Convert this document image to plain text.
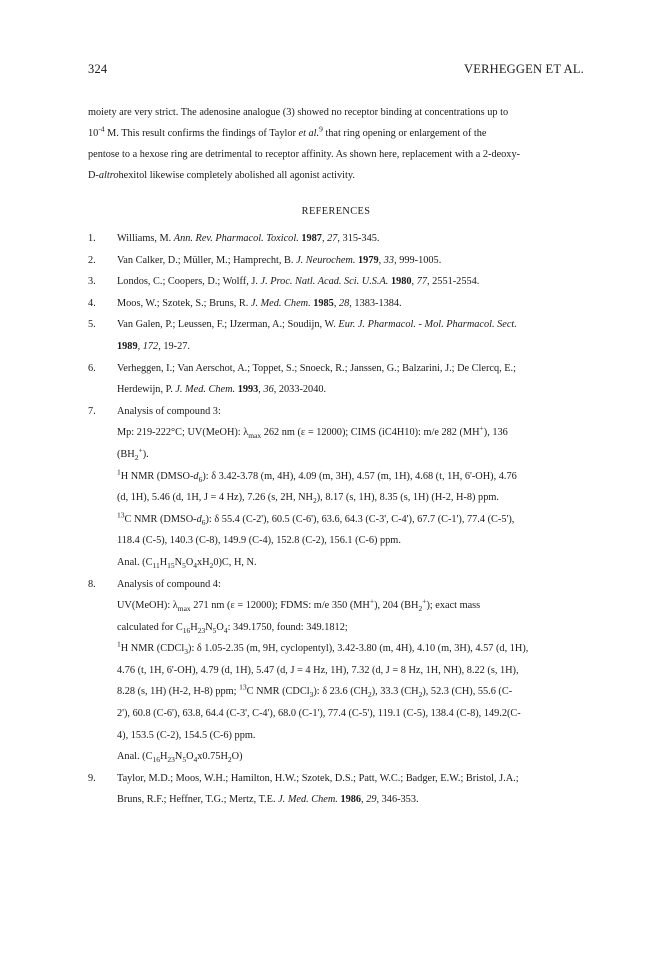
324	VERHEGGEN ET AL.
moiety are very strict. The adenosine analogue (3) showed no receptor binding at concentrations up to
$10^{-4}$ M. This result confirms the findings of Taylor et al.$^9$ that ring opening or enlargement of the
pentose to a hexose ring are detrimental to receptor affinity. As shown here, replacement with a 2-deoxy-
D-altrohexitol likewise completely abolished all agonist activity.
REFERENCES
1.	Williams, M. Ann. Rev. Pharmacol. Toxicol. 1987, 27, 315-345.
2.	Van Calker, D.; Müller, M.; Hamprecht, B. J. Neurochem. 1979, 33, 999-1005.
3.	Londos, C.; Coopers, D.; Wolff, J. J. Proc. Natl. Acad. Sci. U.S.A. 1980, 77, 2551-2554.
4.	Moos, W.; Szotek, S.; Bruns, R. J. Med. Chem. 1985, 28, 1383-1384.
5.	Van Galen, P.; Leussen, F.; IJzerman, A.; Soudijn, W. Eur. J. Pharmacol. - Mol. Pharmacol. Sect.
1989, 172, 19-27.
6.	Verheggen, I.; Van Aerschot, A.; Toppet, S.; Snoeck, R.; Janssen, G.; Balzarini, J.; De Clercq, E.;
Herdewijn, P. J. Med. Chem. 1993, 36, 2033-2040.
7.	Analysis of compound 3:
Mp: 219-222°C; UV(MeOH): $\lambda_{max}$ 262 nm (ε = 12000); CIMS (iC4H10): m/e 282 (MH+), 136
$(BH_2^+)$.
$^1$H NMR $(DMSO-d_6)$: δ 3.42-3.78 (m, 4H), 4.09 (m, 3H), 4.57 (m, 1H), 4.68 (t, 1H, 6'-OH), 4.76
(d, 1H), 5.46 (d, 1H, J = 4 Hz), 7.26 (s, 2H, $NH_2$), 8.17 (s, 1H), 8.35 (s, 1H) (H-2, H-8) ppm.
$^{13}$C NMR $(DMSO-d_6)$: δ 55.4 (C-2'), 60.5 (C-6'), 63.6, 64.3 (C-3', C-4'), 67.7 (C-1'), 77.4 (C-5'),
118.4 (C-5), 140.3 (C-8), 149.9 (C-4), 152.8 (C-2), 156.1 (C-6) ppm.
Anal. $(C_{11}H_{15}N_5O_4xH_20)C$, H, N.
8.	Analysis of compound 4:
UV(MeOH): $\lambda_{max}$ 271 nm (ε = 12000); FDMS: m/e 350 (MH+), 204 $(BH_2^+)$; exact mass
calculated for $C_{16}H_{23}N_5O_4$: 349.1750, found: 349.1812;
$^1$H NMR (CDCl$_3$): δ 1.05-2.35 (m, 9H, cyclopentyl), 3.42-3.80 (m, 4H), 4.10 (m, 3H), 4.57 (d, 1H),
4.76 (t, 1H, 6'-OH), 4.79 (d, 1H), 5.47 (d, J = 4 Hz, 1H), 7.32 (d, J = 8 Hz, 1H, NH), 8.22 (s, 1H),
8.28 (s, 1H) (H-2, H-8) ppm; $^{13}$C NMR (CDCl$_3$): δ 23.6 $(CH_2)$, 33.3 $(CH_2)$, 52.3 (CH), 55.6 (C-
2'), 60.8 (C-6'), 63.8, 64.4 (C-3', C-4'), 68.0 (C-1'), 77.4 (C-5'), 119.1 (C-5), 138.4 (C-8), 149.2(C-
4), 153.5 (C-2), 154.5 (C-6) ppm.
Anal. $(C_{16}H_{23}N_5O_4x0.75H_2O)$
9.	Taylor, M.D.; Moos, W.H.; Hamilton, H.W.; Szotek, D.S.; Patt, W.C.; Badger, E.W.; Bristol, J.A.;
Bruns, R.F.; Heffner, T.G.; Mertz, T.E. J. Med. Chem. 1986, 29, 346-353.
